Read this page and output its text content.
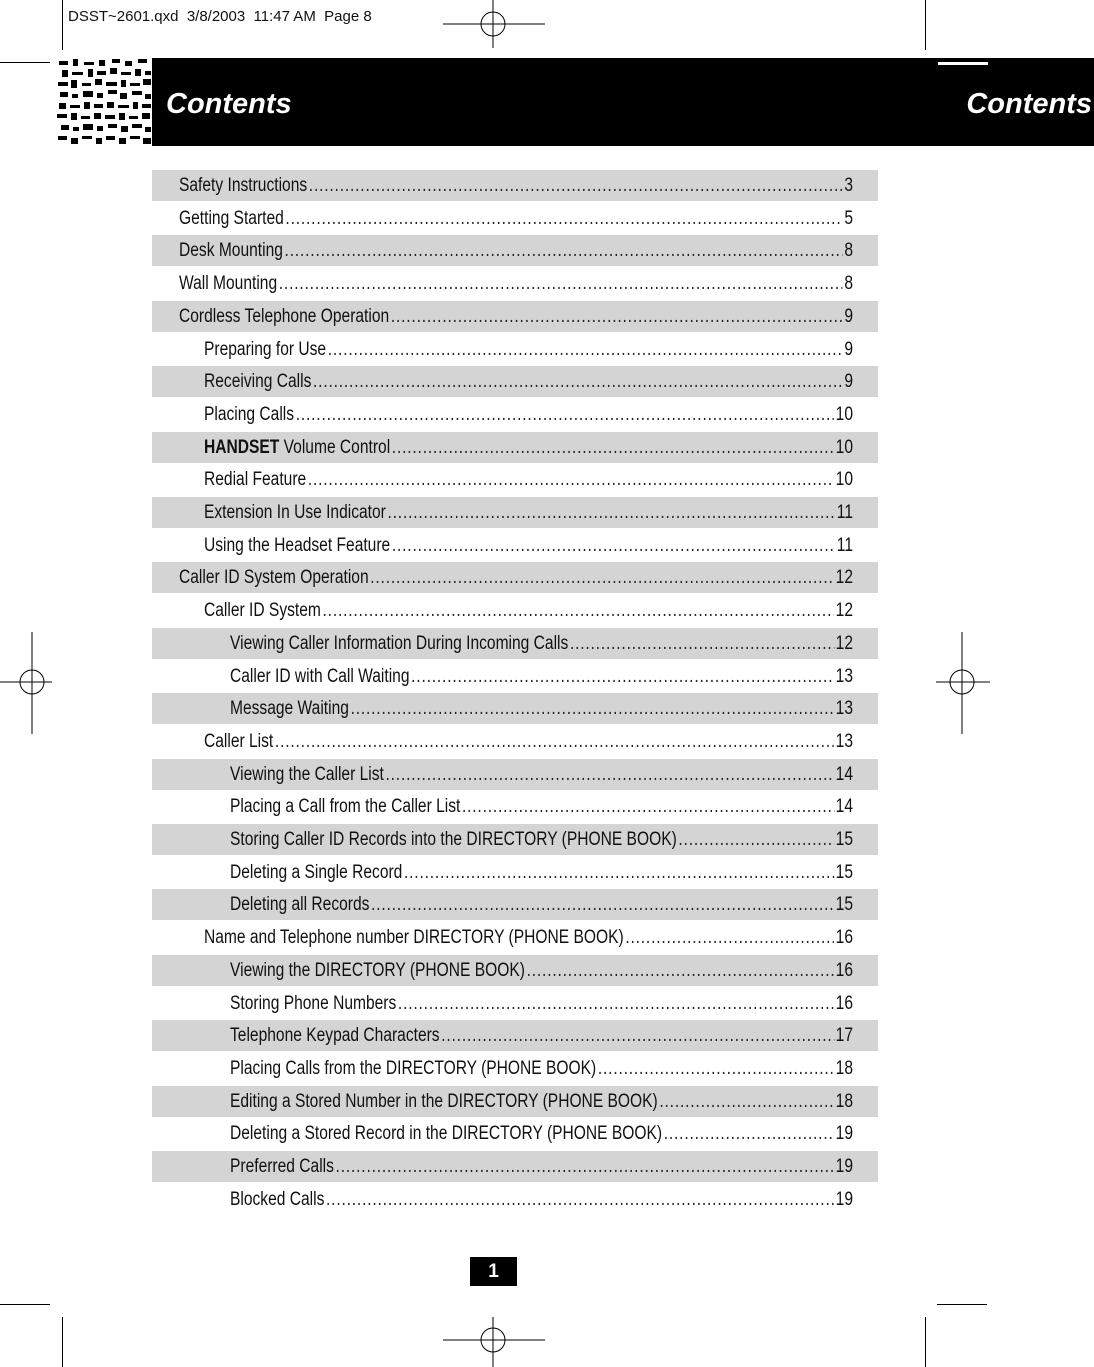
DSST~2601.qxd  3/8/2003  11:47 AM  Page 8
Contents	Contents
Safety Instructions .....	3
Getting Started .....	5
Desk Mounting .....	8
Wall Mounting .....	8
Cordless Telephone Operation .....	9
Preparing for Use .....	9
Receiving Calls .....	9
Placing Calls .....	10
HANDSET Volume Control .....	10
Redial Feature .....	10
Extension In Use Indicator .....	11
Using the Headset Feature .....	11
Caller ID System Operation .....	12
Caller ID System .....	12
Viewing Caller Information During Incoming Calls .....	12
Caller ID with Call Waiting .....	13
Message Waiting .....	13
Caller List .....	13
Viewing the Caller List .....	14
Placing a Call from the Caller List .....	14
Storing Caller ID Records into the DIRECTORY (PHONE BOOK) .....	15
Deleting a Single Record .....	15
Deleting all Records .....	15
Name and Telephone number DIRECTORY (PHONE BOOK) .....	16
Viewing the DIRECTORY (PHONE BOOK) .....	16
Storing Phone Numbers .....	16
Telephone Keypad Characters .....	17
Placing Calls from the DIRECTORY (PHONE BOOK) .....	18
Editing a Stored Number in the DIRECTORY (PHONE BOOK) .....	18
Deleting a Stored Record in the DIRECTORY (PHONE BOOK) .....	19
Preferred Calls .....	19
Blocked Calls .....	19
1
